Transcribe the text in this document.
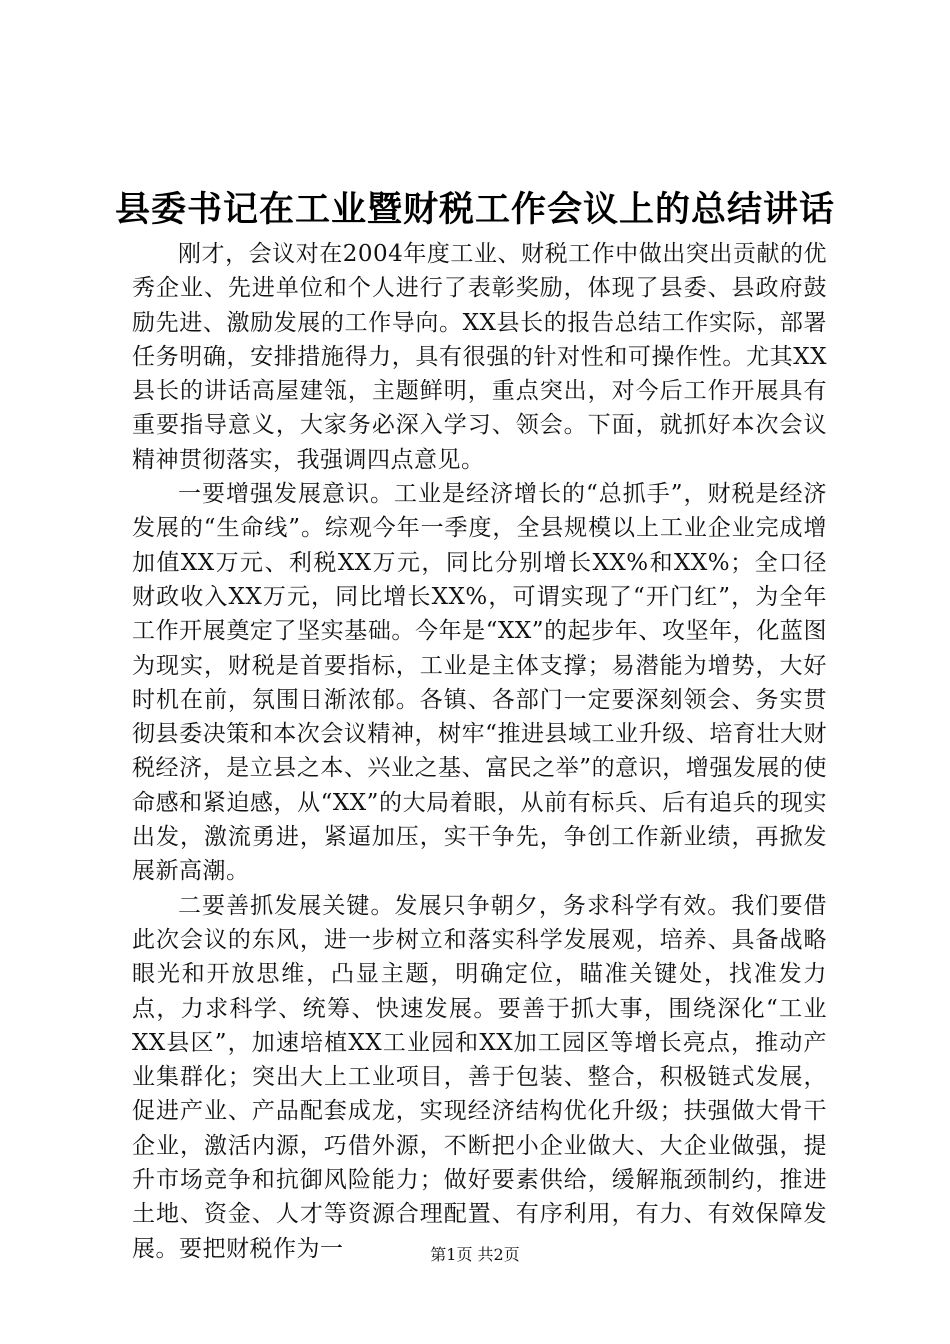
县委书记在工业暨财税工作会议上的总结讲话

刚才，会议对在2004年度工业、财税工作中做出突出贡献的优秀企业、先进单位和个人进行了表彰奖励，体现了县委、县政府鼓励先进、激励发展的工作导向。XX县长的报告总结工作实际，部署任务明确，安排措施得力，具有很强的针对性和可操作性。尤其XX县长的讲话高屋建瓴，主题鲜明，重点突出，对今后工作开展具有重要指导意义，大家务必深入学习、领会。下面，就抓好本次会议精神贯彻落实，我强调四点意见。

一要增强发展意识。工业是经济增长的“总抓手”，财税是经济发展的“生命线”。综观今年一季度，全县规模以上工业企业完成增加值XX万元、利税XX万元，同比分别增长XX%和XX%；全口径财政收入XX万元，同比增长XX%，可谓实现了“开门红”，为全年工作开展奠定了坚实基础。今年是“XX”的起步年、攻坚年，化蓝图为现实，财税是首要指标，工业是主体支撑；易潜能为增势，大好时机在前，氛围日渐浓郁。各镇、各部门一定要深刻领会、务实贯彻县委决策和本次会议精神，树牢“推进县域工业升级、培育壮大财税经济，是立县之本、兴业之基、富民之举”的意识，增强发展的使命感和紧迫感，从“XX”的大局着眼，从前有标兵、后有追兵的现实出发，激流勇进，紧逼加压，实干争先，争创工作新业绩，再掀发展新高潮。

二要善抓发展关键。发展只争朝夕，务求科学有效。我们要借此次会议的东风，进一步树立和落实科学发展观，培养、具备战略眼光和开放思维，凸显主题，明确定位，瞄准关键处，找准发力点，力求科学、统筹、快速发展。要善于抓大事，围绕深化“工业XX县区”，加速培植XX工业园和XX加工园区等增长亮点，推动产业集群化；突出大上工业项目，善于包装、整合，积极链式发展，促进产业、产品配套成龙，实现经济结构优化升级；扶强做大骨干企业，激活内源，巧借外源，不断把小企业做大、大企业做强，提升市场竞争和抗御风险能力；做好要素供给，缓解瓶颈制约，推进土地、资金、人才等资源合理配置、有序利用，有力、有效保障发展。要把财税作为一	第1页 共2页
